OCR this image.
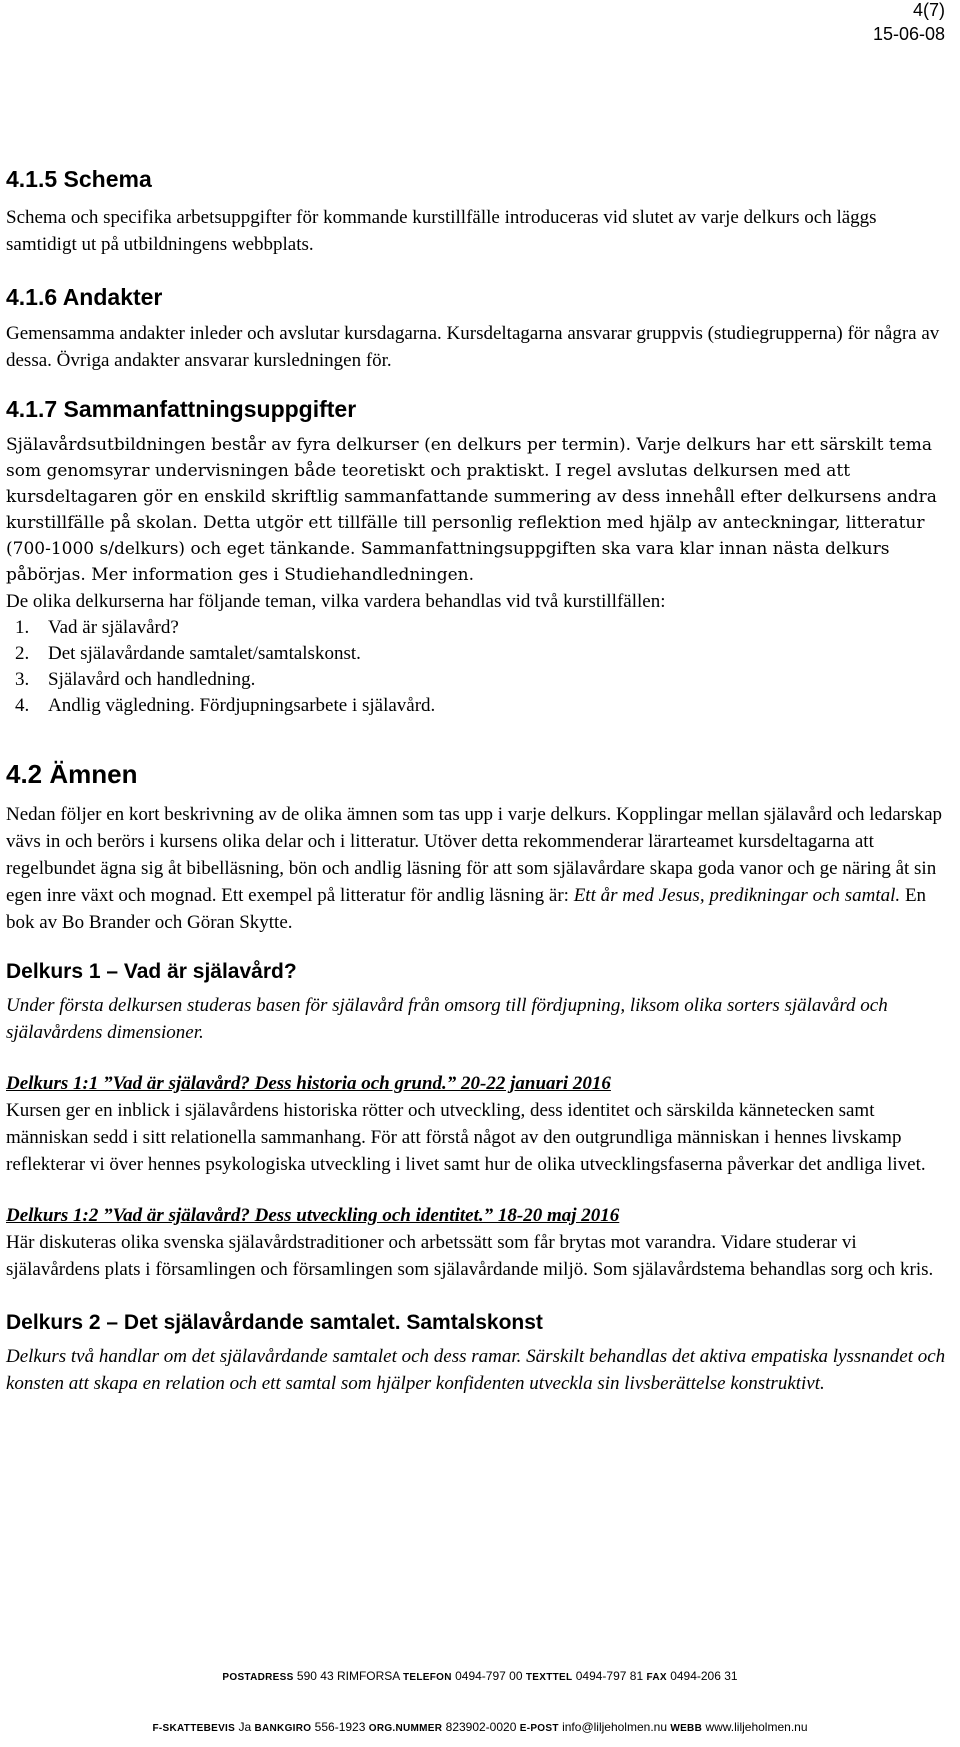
4(7)
15-06-08
4.1.5 Schema

Schema och specifika arbetsuppgifter för kommande kurstillfälle introduceras vid slutet av varje delkurs och läggs samtidigt ut på utbildningens webbplats.

4.1.6 Andakter

Gemensamma andakter inleder och avslutar kursdagarna. Kursdeltagarna ansvarar gruppvis (studiegrupperna) för några av dessa. Övriga andakter ansvarar kursledningen för.

4.1.7 Sammanfattningsuppgifter

Själavårdsutbildningen består av fyra delkurser (en delkurs per termin). Varje delkurs har ett särskilt tema som genomsyrar undervisningen både teoretiskt och praktiskt. I regel avslutas delkursen med att kursdeltagaren gör en enskild skriftlig sammanfattande summering av dess innehåll efter delkursens andra kurstillfälle på skolan. Detta utgör ett tillfälle till personlig reflektion med hjälp av anteckningar, litteratur (700-1000 s/delkurs) och eget tänkande. Sammanfattningsuppgiften ska vara klar innan nästa delkurs påbörjas. Mer information ges i Studiehandledningen.

De olika delkurserna har följande teman, vilka vardera behandlas vid två kurstillfällen:

1. Vad är själavård?
2. Det själavårdande samtalet/samtalskonst.
3. Själavård och handledning.
4. Andlig vägledning. Fördjupningsarbete i själavård.
4.2 Ämnen

Nedan följer en kort beskrivning av de olika ämnen som tas upp i varje delkurs. Kopplingar mellan själavård och ledarskap vävs in och berörs i kursens olika delar och i litteratur. Utöver detta rekommenderar lärarteamet kursdeltagarna att regelbundet ägna sig åt bibelläsning, bön och andlig läsning för att som själavårdare skapa goda vanor och ge näring åt sin egen inre växt och mognad. Ett exempel på litteratur för andlig läsning är: Ett år med Jesus, predikningar och samtal. En bok av Bo Brander och Göran Skytte.

Delkurs 1 – Vad är själavård?

Under första delkursen studeras basen för själavård från omsorg till fördjupning, liksom olika sorters själavård och själavårdens dimensioner.

Delkurs 1:1 ”Vad är själavård? Dess historia och grund.” 20-22 januari 2016

Kursen ger en inblick i själavårdens historiska rötter och utveckling, dess identitet och särskilda kännetecken samt människan sedd i sitt relationella sammanhang. För att förstå något av den outgrundliga människan i hennes livskamp reflekterar vi över hennes psykologiska utveckling i livet samt hur de olika utvecklingsfaserna påverkar det andliga livet.

Delkurs 1:2 ”Vad är själavård? Dess utveckling och identitet.” 18-20 maj 2016

Här diskuteras olika svenska själavårdstraditioner och arbetssätt som får brytas mot varandra. Vidare studerar vi själavårdens plats i församlingen och församlingen som själavårdande miljö. Som själavårdstema behandlas sorg och kris.

Delkurs 2 – Det själavårdande samtalet. Samtalskonst

Delkurs två handlar om det själavårdande samtalet och dess ramar. Särskilt behandlas det aktiva empatiska lyssnandet och konsten att skapa en relation och ett samtal som hjälper konfidenten utveckla sin livsberättelse konstruktivt.

POSTADRESS 590 43 RIMFORSA TELEFON 0494-797 00 TEXTTEL 0494-797 81 FAX 0494-206 31
F-SKATTEBEVIS Ja BANKGIRO 556-1923 ORG.NUMMER 823902-0020 E-POST info@liljeholmen.nu WEBB www.liljeholmen.nu
